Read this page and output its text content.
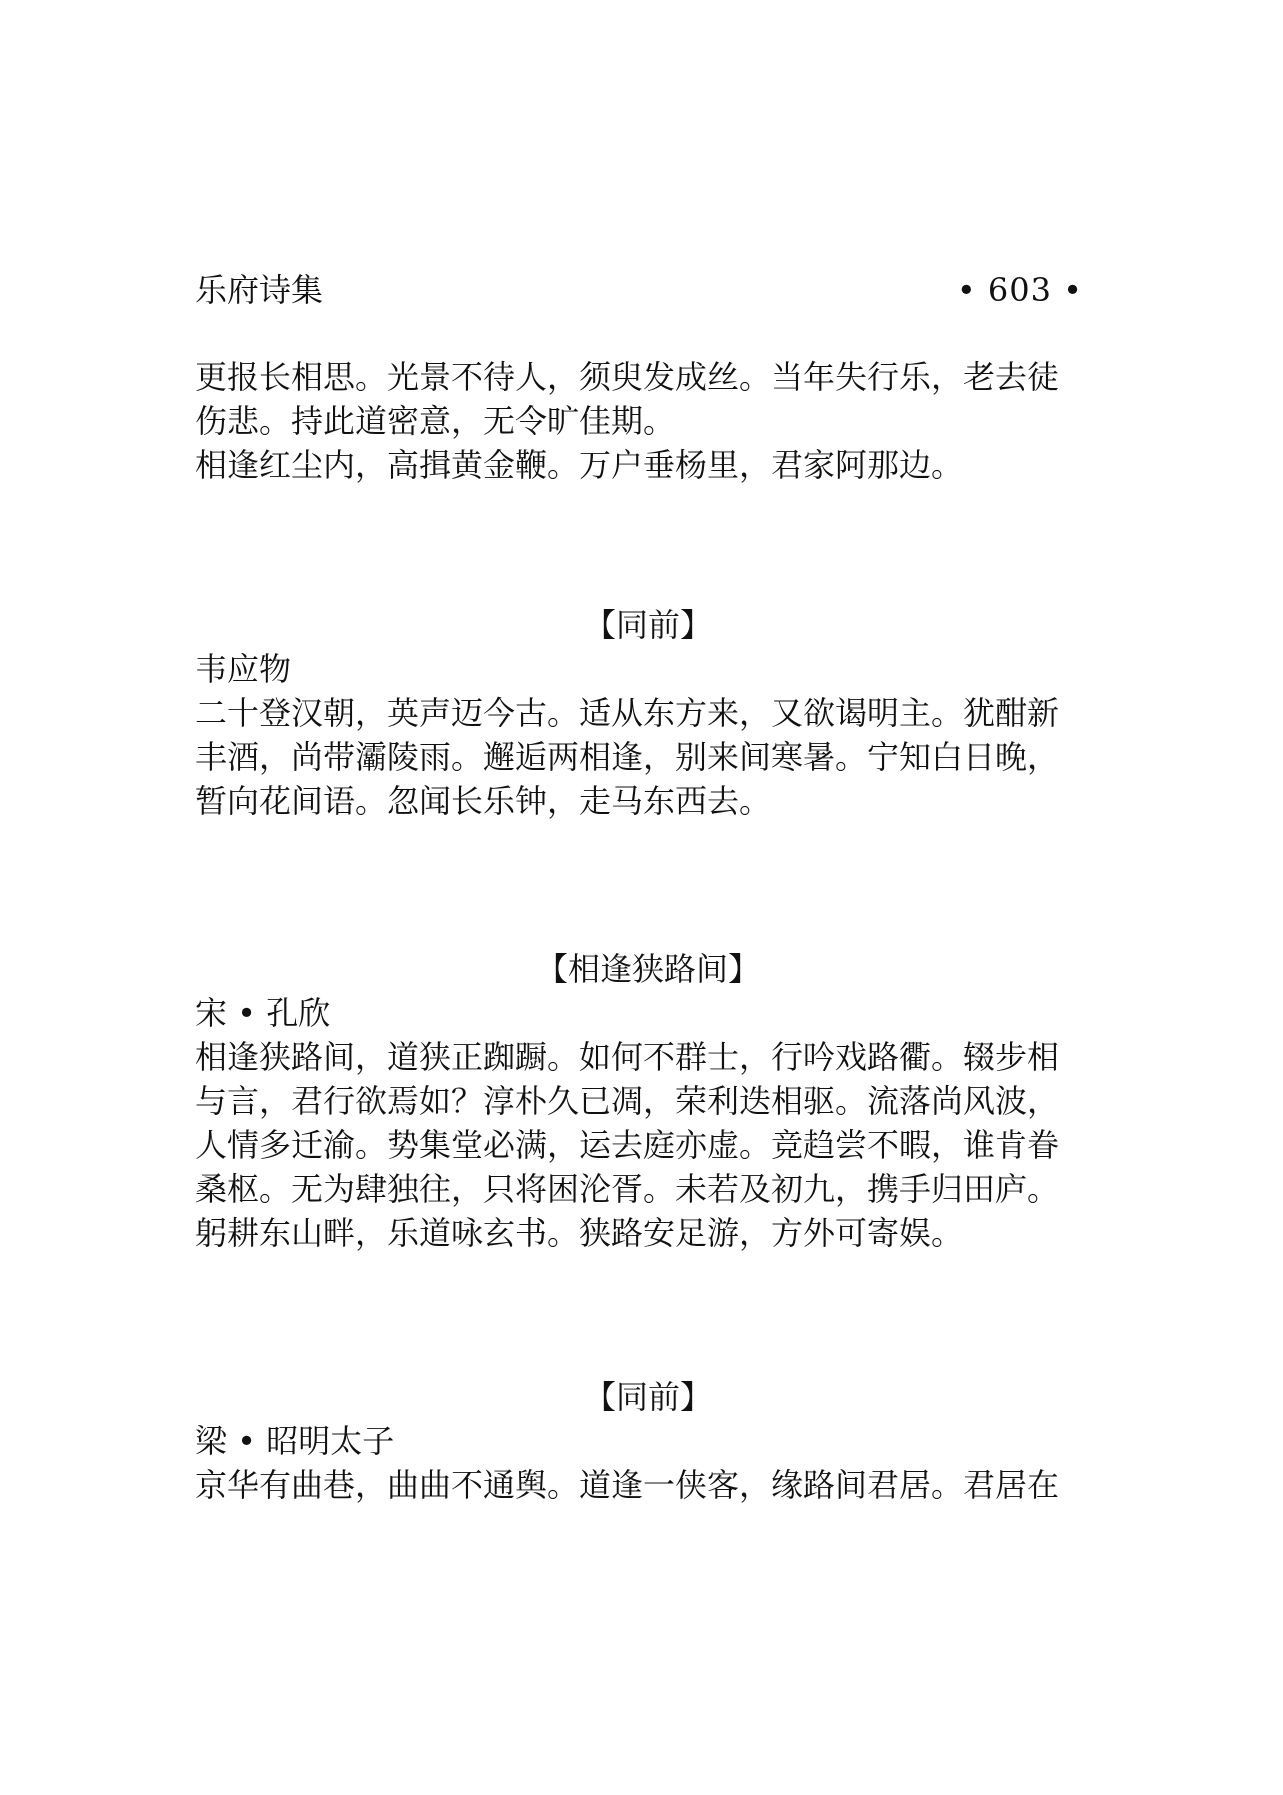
乐府诗集	• 603 •

更报长相思。光景不待人，须臾发成丝。当年失行乐，老去徒
伤悲。持此道密意，无令旷佳期。
相逢红尘内，高揖黄金鞭。万户垂杨里，君家阿那边。

【同前】

韦应物

二十登汉朝，英声迈今古。适从东方来，又欲谒明主。犹酣新
丰酒，尚带灞陵雨。邂逅两相逢，别来间寒暑。宁知白日晚，
暂向花间语。忽闻长乐钟，走马东西去。

【相逢狭路间】

宋 • 孔欣

相逢狭路间，道狭正踟蹰。如何不群士，行吟戏路衢。辍步相
与言，君行欲焉如？淳朴久已凋，荣利迭相驱。流落尚风波，
人情多迁渝。势集堂必满，运去庭亦虚。竞趋尝不暇，谁肯眷
桑枢。无为肆独往，只将困沦胥。未若及初九，携手归田庐。
躬耕东山畔，乐道咏玄书。狭路安足游，方外可寄娱。

【同前】

梁 • 昭明太子

京华有曲巷，曲曲不通舆。道逢一侠客，缘路间君居。君居在
